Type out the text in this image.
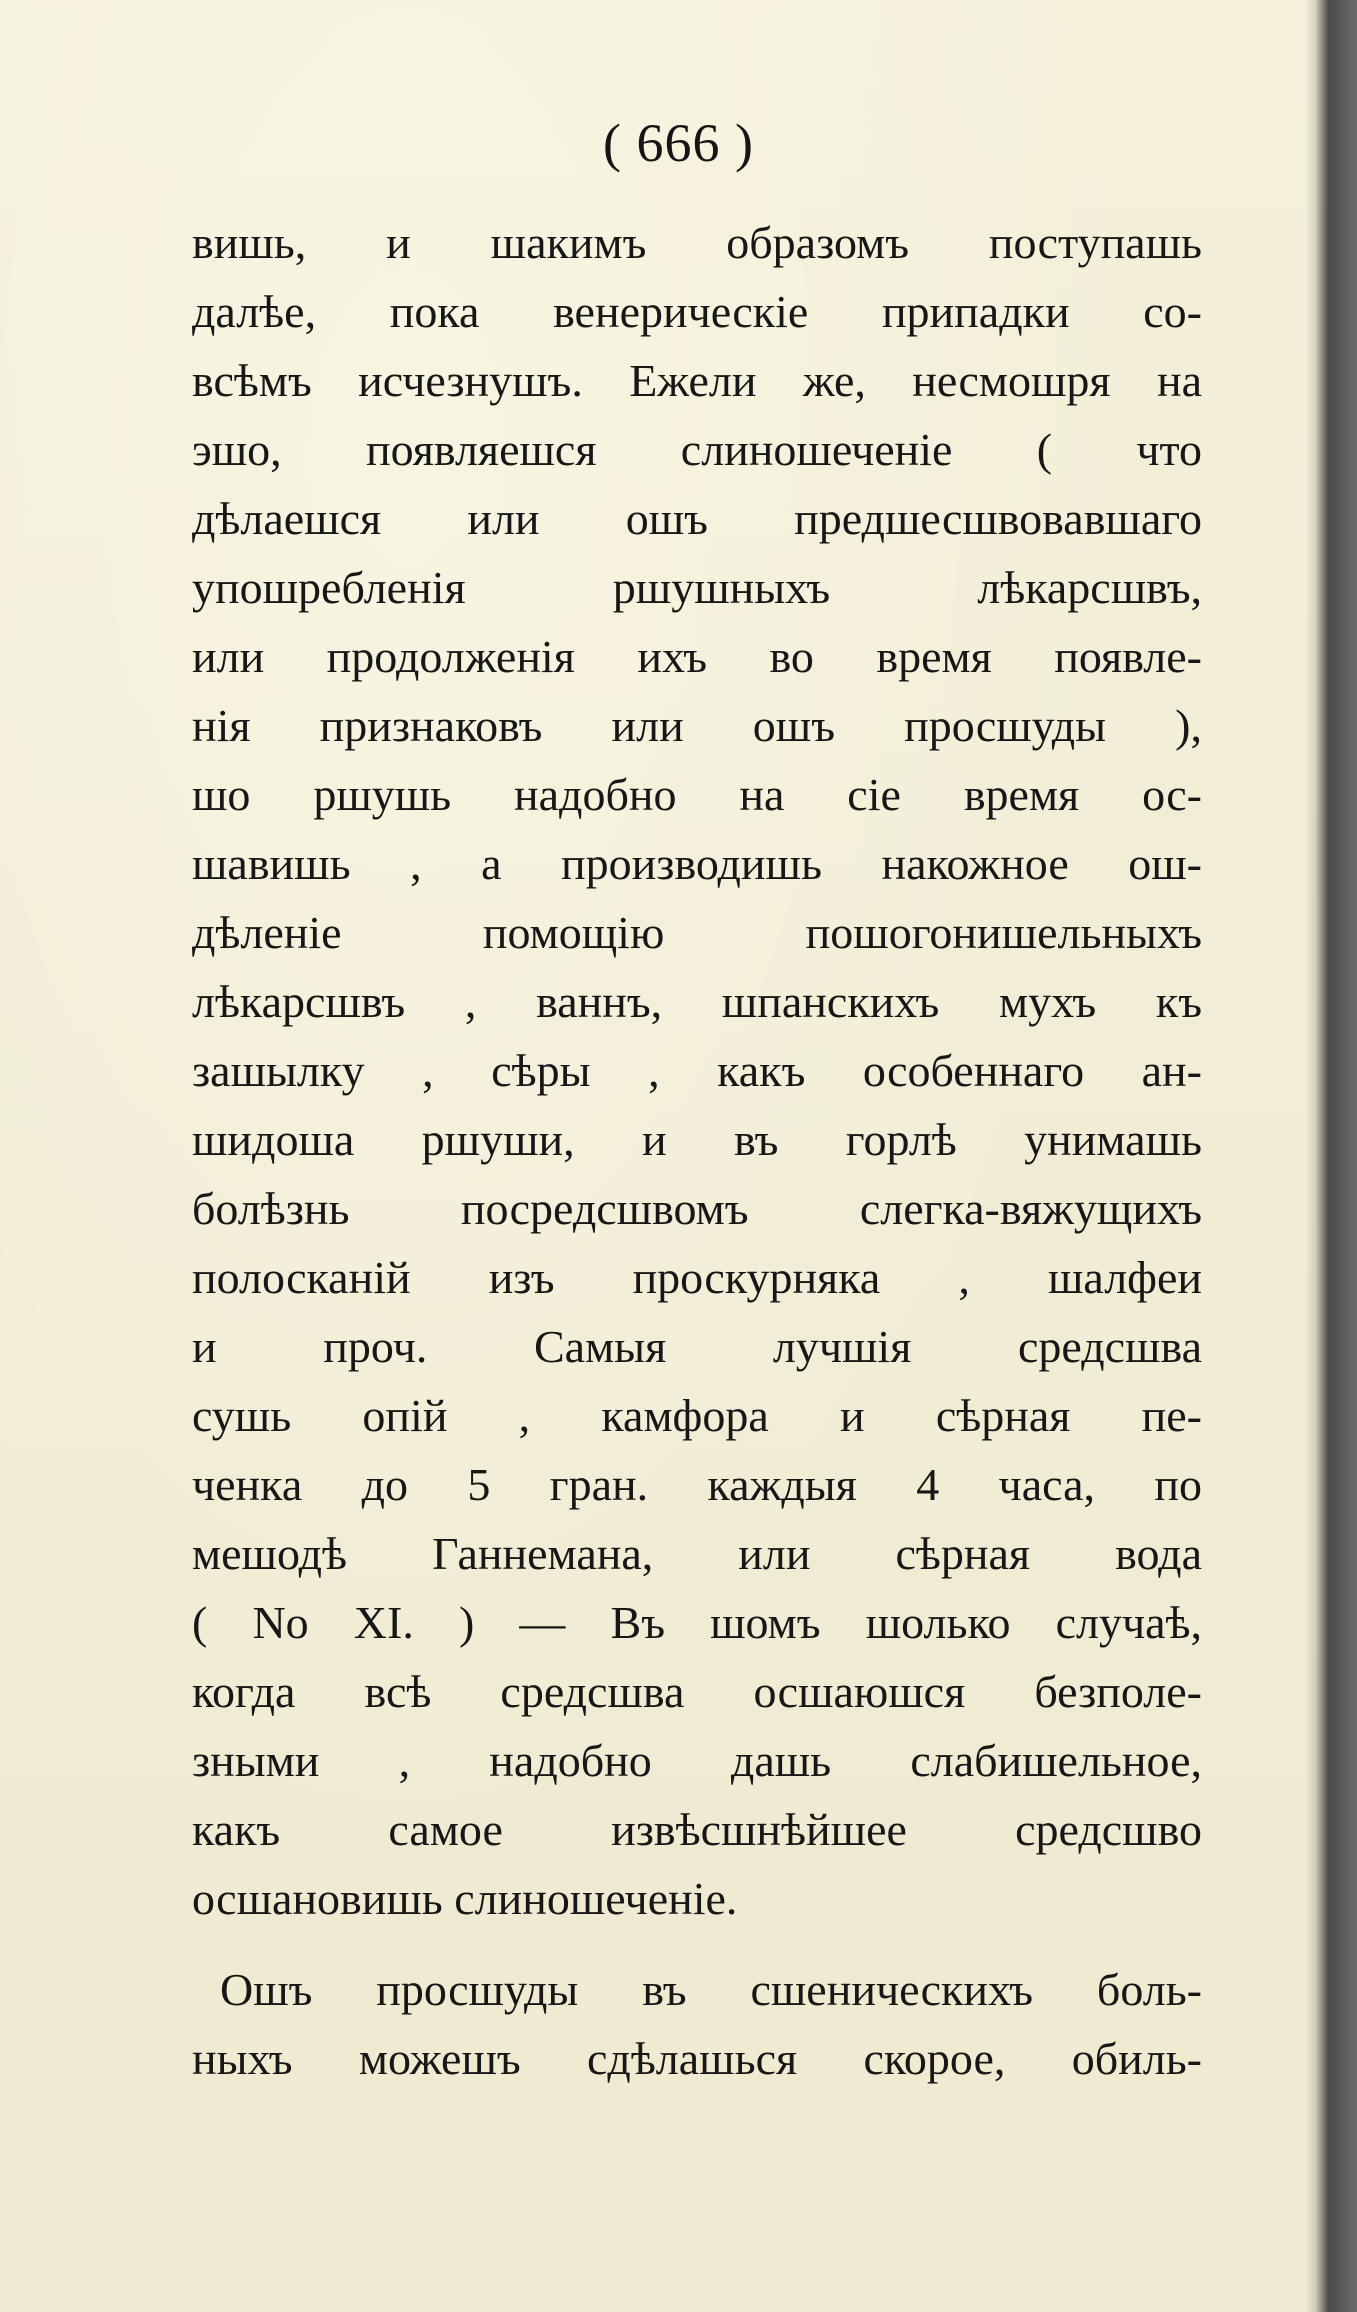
( 666 )
вишь, и шакимъ образомъ поступашь
далѣе, пока венерическiе припадки со-
всѣмъ исчезнушъ. Ежели же, несмошря на
эшо, появляешся слиношеченiе ( что
дѣлаешся или ошъ предшесшвовавшаго
упошребленiя ршушныхъ лѣкарсшвъ,
или продолженiя ихъ во время появле-
нiя признаковъ или ошъ просшуды ),
шо ршушь надобно на сiе время ос-
шавишь , а производишь накожное ош-
дѣленiе помощiю пошогонишельныхъ
лѣкарсшвъ , ваннъ, шпанскихъ мухъ къ
зашылку , сѣры , какъ особеннаго ан-
шидоша ршуши, и въ горлѣ унимашь
болѣзнь посредсшвомъ слегка-вяжущихъ
полосканiй изъ проскурняка , шалфеи
и проч. Самыя лучшiя средсшва
сушь опiй , камфора и сѣрная пе-
ченка до 5 гран. каждыя 4 часа, по
мешодѣ Ганнемана, или сѣрная вода
( No XI. ) — Въ шомъ шолько случаѣ,
когда всѣ средсшва осшаюшся безполе-
зными , надобно дашь слабишельное,
какъ самое извѣсшнѣйшее средсшво
осшановишь слиношеченiе.
Ошъ просшуды въ сшеническихъ боль-
ныхъ можешъ сдѣлашься скорое, обиль-
